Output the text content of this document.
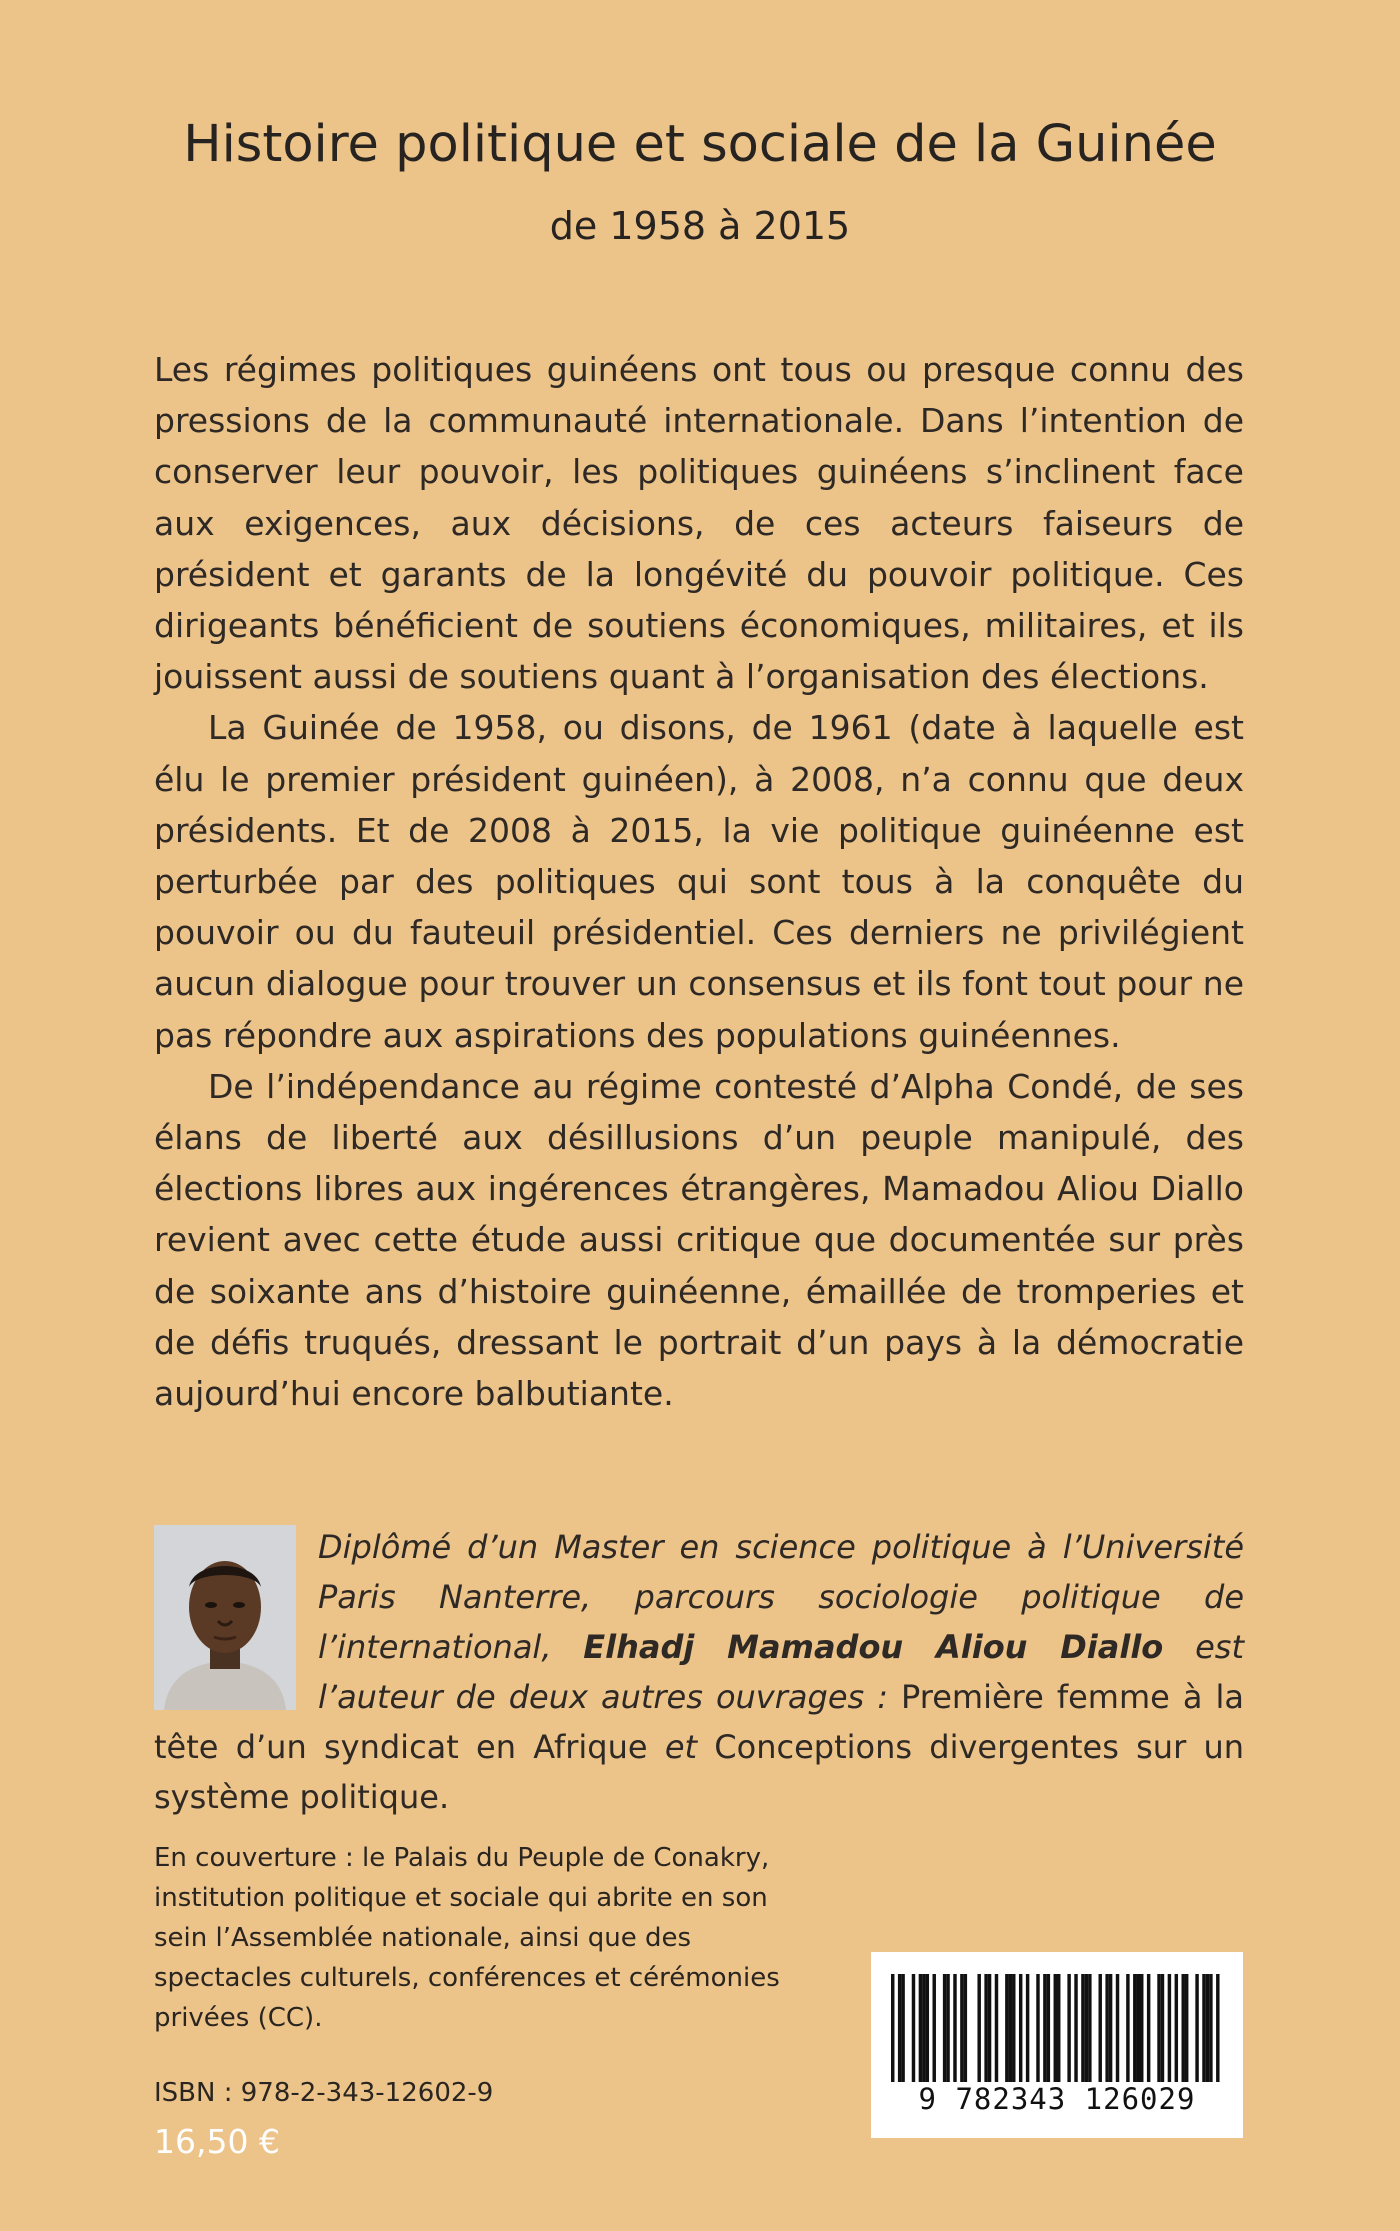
Histoire politique et sociale de la Guinée
de 1958 à 2015

Les régimes politiques guinéens ont tous ou presque connu des pressions de la communauté internationale. Dans l’intention de conserver leur pouvoir, les politiques guinéens s’inclinent face aux exigences, aux décisions, de ces acteurs faiseurs de président et garants de la longévité du pouvoir politique. Ces dirigeants bénéficient de soutiens économiques, militaires, et ils jouissent aussi de soutiens quant à l’organisation des élections.

La Guinée de 1958, ou disons, de 1961 (date à laquelle est élu le premier président guinéen), à 2008, n’a connu que deux présidents. Et de 2008 à 2015, la vie politique guinéenne est perturbée par des politiques qui sont tous à la conquête du pouvoir ou du fauteuil présidentiel. Ces derniers ne privilégient aucun dialogue pour trouver un consensus et ils font tout pour ne pas répondre aux aspirations des populations guinéennes.

De l’indépendance au régime contesté d’Alpha Condé, de ses élans de liberté aux désillusions d’un peuple manipulé, des élections libres aux ingérences étrangères, Mamadou Aliou Diallo revient avec cette étude aussi critique que documentée sur près de soixante ans d’histoire guinéenne, émaillée de tromperies et de défis truqués, dressant le portrait d’un pays à la démocratie aujourd’hui encore balbutiante.

Diplômé d’un Master en science politique à l’Université Paris Nanterre, parcours sociologie politique de l’international, Elhadj Mamadou Aliou Diallo est l’auteur de deux autres ouvrages : Première femme à la tête d’un syndicat en Afrique et Conceptions divergentes sur un système politique.
En couverture : le Palais du Peuple de Conakry, institution politique et sociale qui abrite en son sein l’Assemblée nationale, ainsi que des spectacles culturels, conférences et cérémonies privées (CC).
ISBN : 978-2-343-12602-9
16,50 €
9 782343 126029
